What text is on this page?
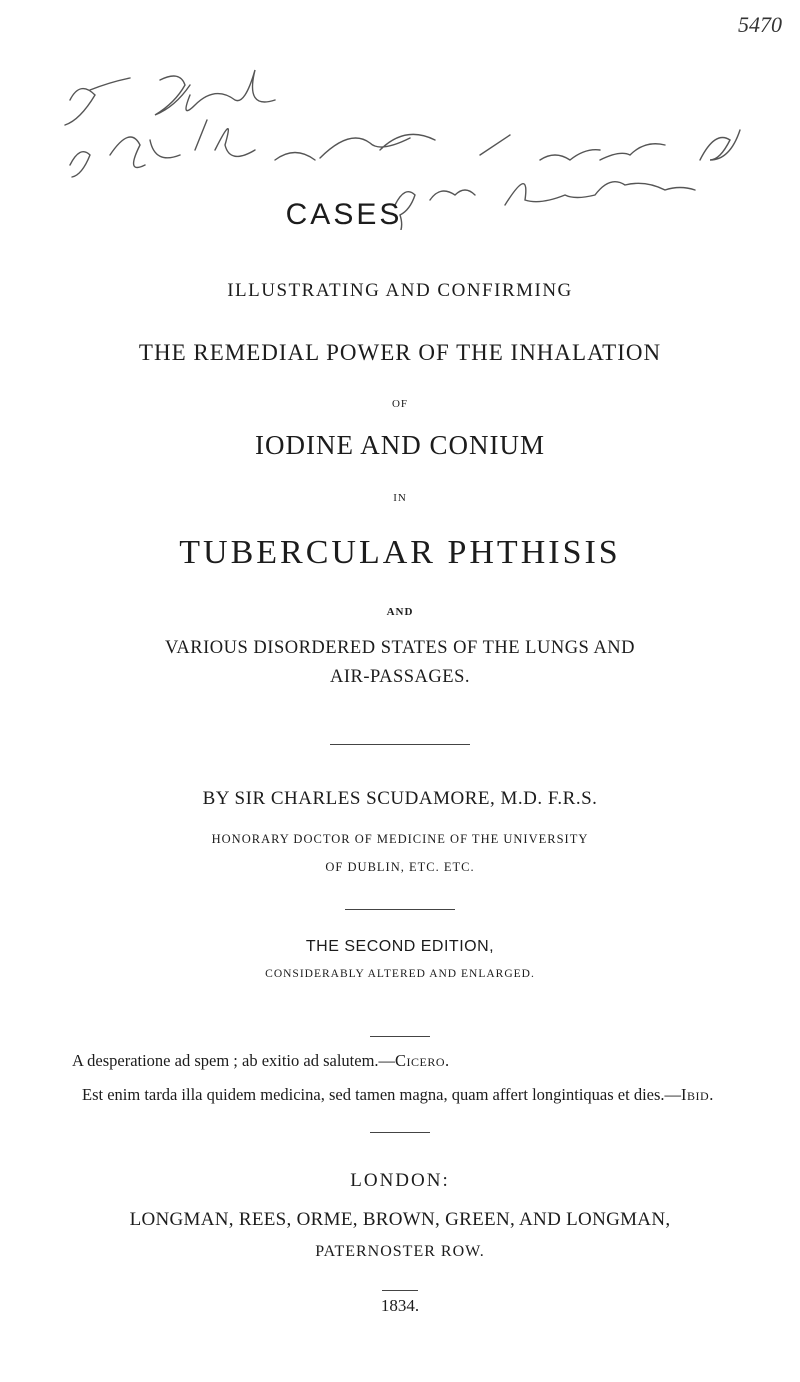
5470
CASES
ILLUSTRATING AND CONFIRMING
THE REMEDIAL POWER OF THE INHALATION
OF
IODINE AND CONIUM
IN
TUBERCULAR PHTHISIS
AND
VARIOUS DISORDERED STATES OF THE LUNGS AND
AIR-PASSAGES.
BY SIR CHARLES SCUDAMORE, M.D. F.R.S.
HONORARY DOCTOR OF MEDICINE OF THE UNIVERSITY
OF DUBLIN, ETC. ETC.
THE SECOND EDITION,
CONSIDERABLY ALTERED AND ENLARGED.
A desperatione ad spem ; ab exitio ad salutem.—Cicero.
Est enim tarda illa quidem medicina, sed tamen magna, quam affert longintiquas et dies.—Ibid.
LONDON:
LONGMAN, REES, ORME, BROWN, GREEN, AND LONGMAN,
PATERNOSTER ROW.
1834.
